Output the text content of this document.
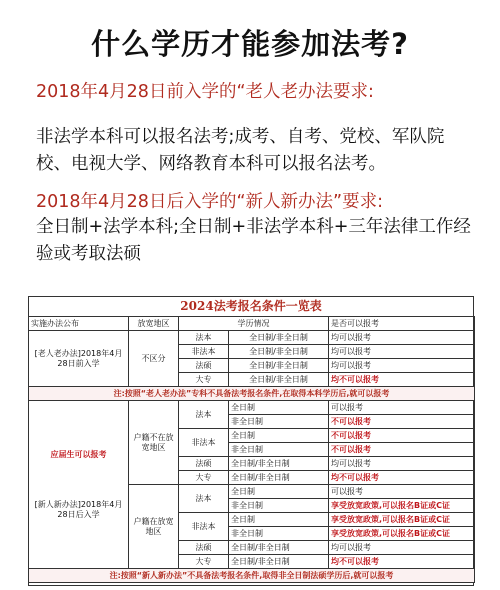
什么学历才能参加法考?
2018年4月28日前入学的“老人老办法要求:
非法学本科可以报名法考;成考、自考、党校、军队院校、电视大学、网络教育本科可以报名法考。
2018年4月28日后入学的“新人新办法”要求:
全日制+法学本科;全日制+非法学本科+三年法律工作经验或考取法硕
2024法考报名条件一览表
实施办法公布	放宽地区	学历情况		是否可以报考
[老人老办法]2018年4月28日前入学	不区分	法本	全日制/非全日制	均可以报考
		非法本	全日制/非全日制	均可以报考
		法硕	全日制/非全日制	均可以报考
		大专	全日制/非全日制	均不可以报考
注:按照“老人老办法”专科不具备法考报名条件,在取得本科学历后,就可以报考				

应届生可以报考
[新人新办法]2018年4月28日后入学	户籍不在放宽地区	法本	全日制	可以报考
			非全日制	不可以报考
		非法本	全日制	不可以报考
			非全日制	不可以报考
		法硕	全日制/非全日制	均可以报考
		大专	全日制/非全日制	均不可以报考
	户籍在放宽地区	法本	全日制	可以报考
			非全日制	享受放宽政策,可以报名B证或C证
		非法本	全日制	享受放宽政策,可以报名B证或C证
			非全日制	享受放宽政策,可以报名B证或C证
		法硕	全日制/非全日制	均可以报考
		大专	全日制/非全日制	均不可以报考
注:按照“新人新办法”不具备法考报名条件,取得非全日制法硕学历后,就可以报考				
